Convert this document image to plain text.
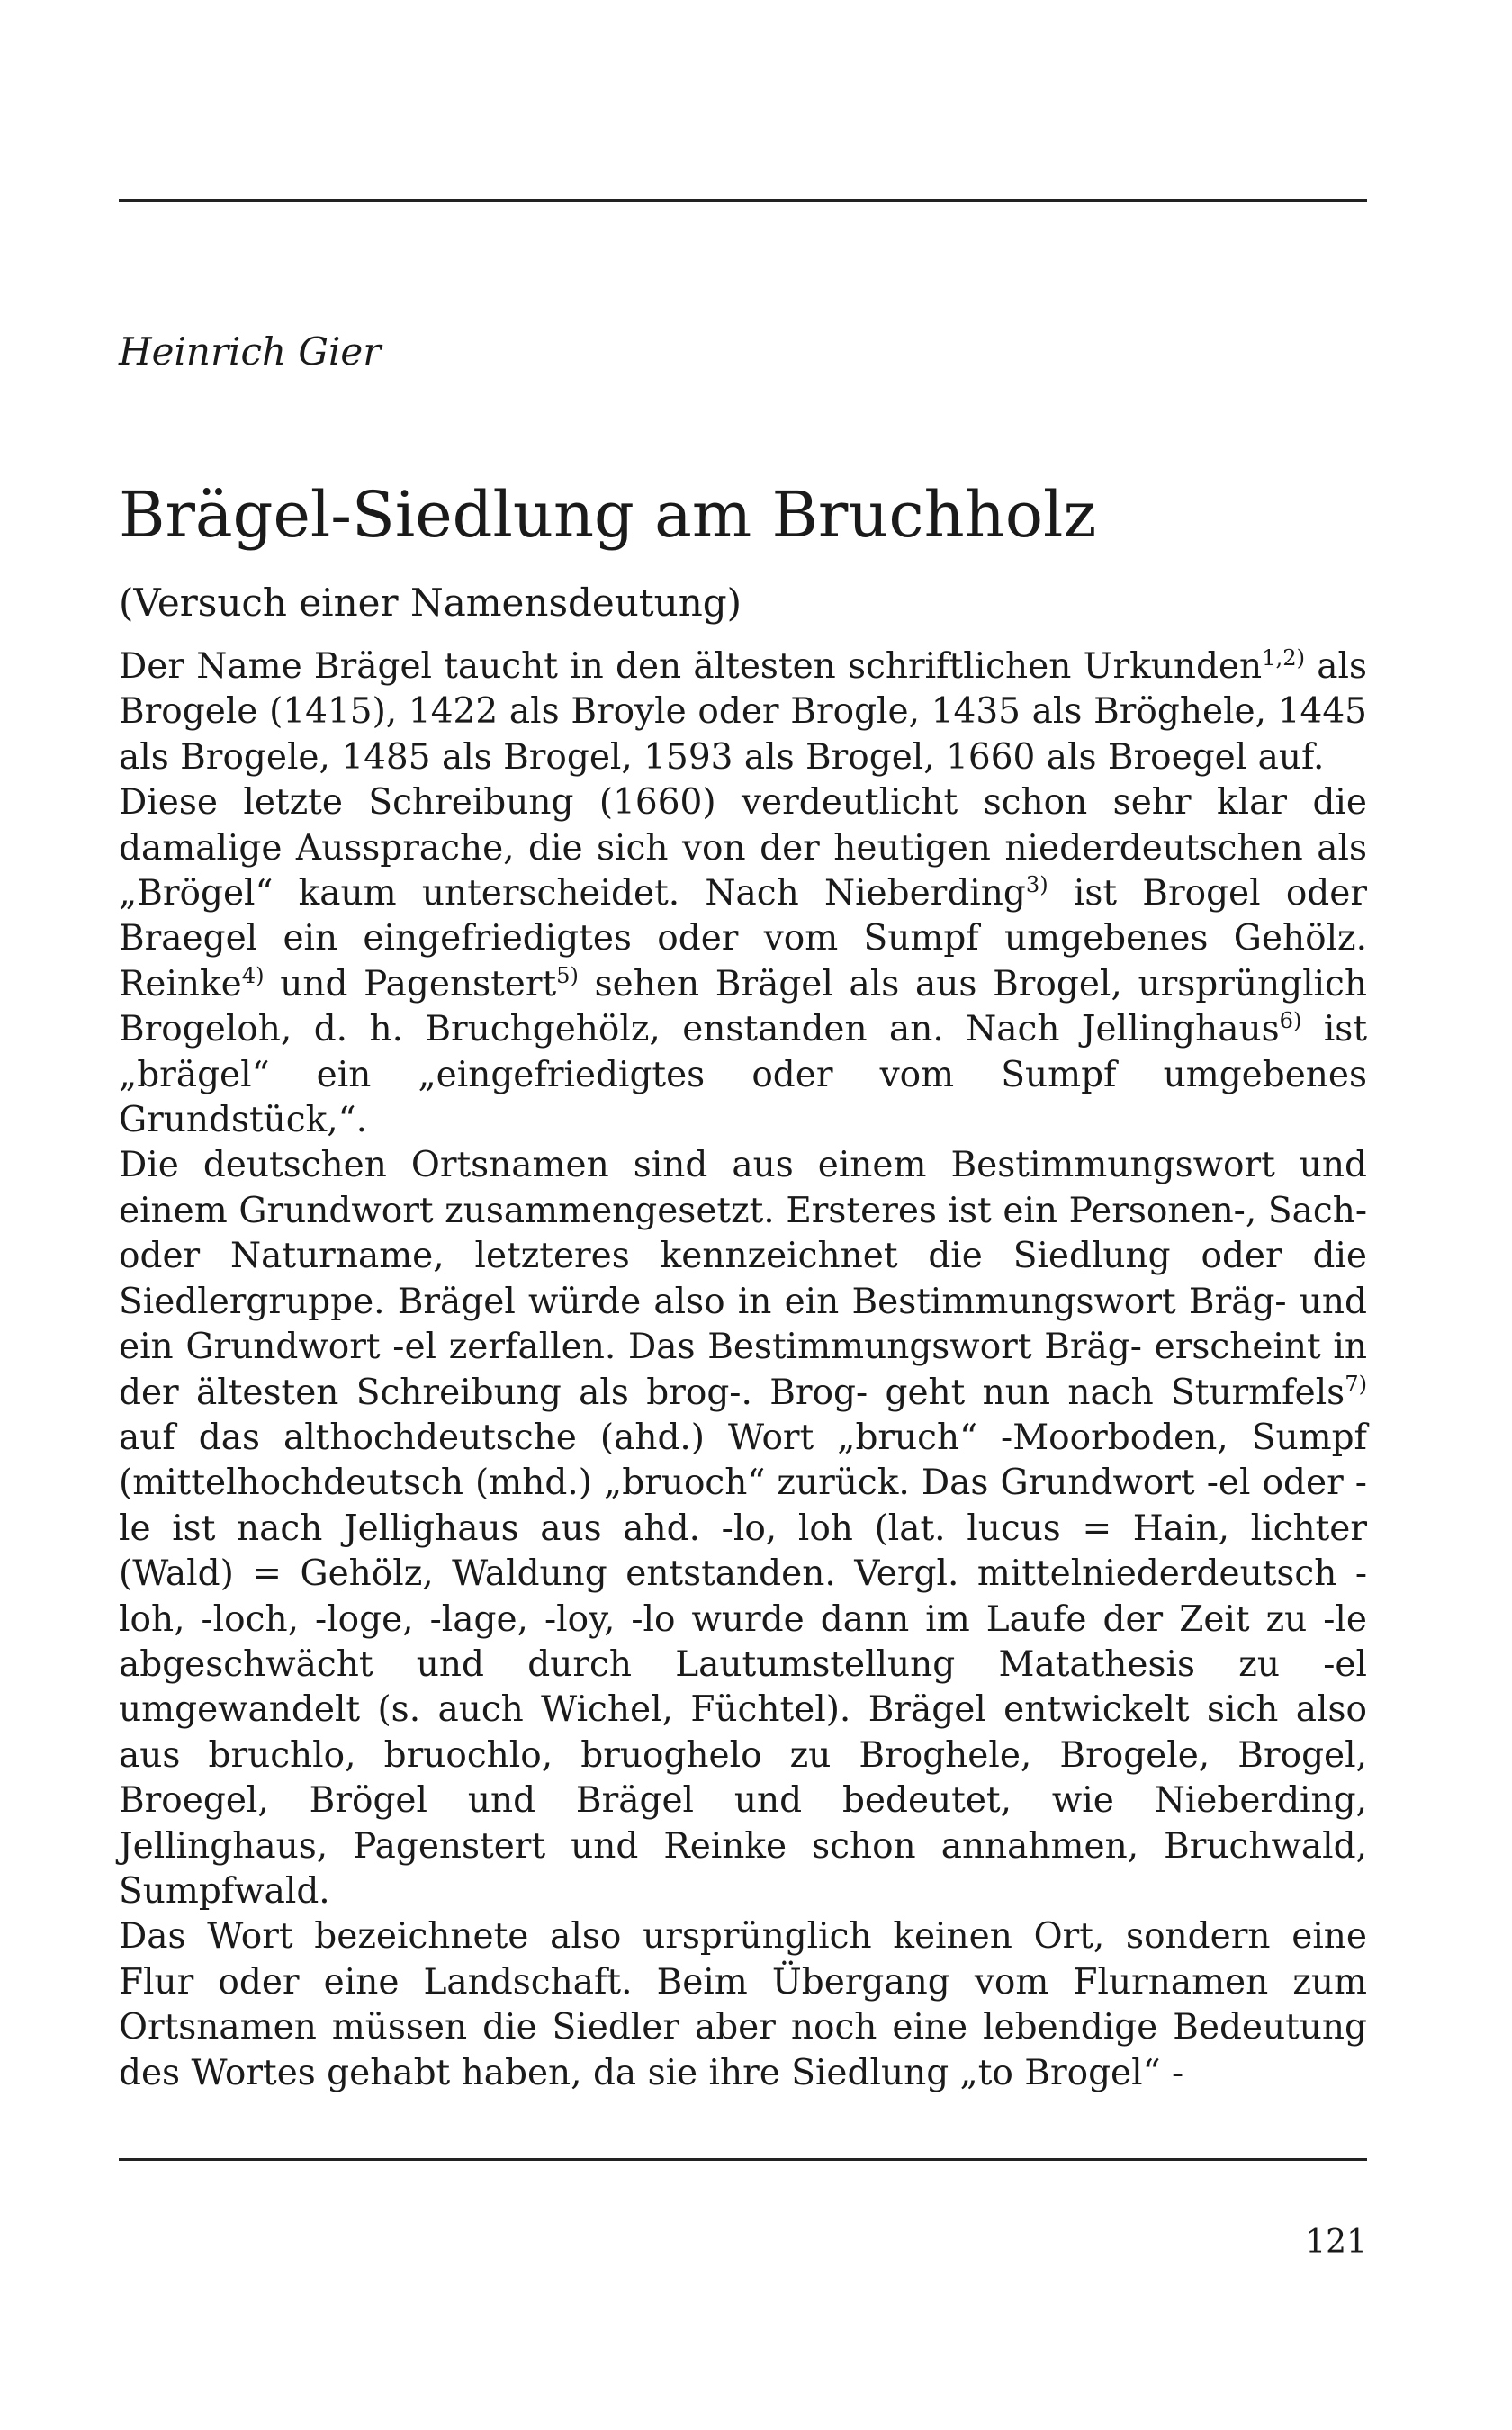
Heinrich Gier

Brägel-Siedlung am Bruchholz

(Versuch einer Namensdeutung)

Der Name Brägel taucht in den ältesten schriftlichen Urkunden$^{1,2)}$ als Brogele (1415), 1422 als Broyle oder Brogle, 1435 als Bröghele, 1445 als Brogele, 1485 als Brogel, 1593 als Brogel, 1660 als Broegel auf.

Diese letzte Schreibung (1660) verdeutlicht schon sehr klar die damalige Aussprache, die sich von der heutigen niederdeutschen als „Brögel“ kaum unterscheidet. Nach Nieberding$^{3)}$ ist Brogel oder Braegel ein eingefriedigtes oder vom Sumpf umgebenes Gehölz. Reinke$^{4)}$ und Pagenstert$^{5)}$ sehen Brägel als aus Brogel, ursprünglich Brogeloh, d. h. Bruchgehölz, enstanden an. Nach Jellinghaus$^{6)}$ ist „brägel“ ein „eingefriedigtes oder vom Sumpf umgebenes Grundstück,“.

Die deutschen Ortsnamen sind aus einem Bestimmungswort und einem Grundwort zusammengesetzt. Ersteres ist ein Personen-, Sach- oder Naturname, letzteres kennzeichnet die Siedlung oder die Siedlergruppe. Brägel würde also in ein Bestimmungswort Bräg- und ein Grundwort -el zerfallen. Das Bestimmungswort Bräg- erscheint in der ältesten Schreibung als brog-. Brog- geht nun nach Sturmfels$^{7)}$ auf das althochdeutsche (ahd.) Wort „bruch“ -Moorboden, Sumpf (mittelhochdeutsch (mhd.) „bruoch“ zurück. Das Grundwort -el oder -le ist nach Jellighaus aus ahd. -lo, loh (lat. lucus = Hain, lichter (Wald) = Gehölz, Waldung entstanden. Vergl. mittelniederdeutsch -loh, -loch, -loge, -lage, -loy, -lo wurde dann im Laufe der Zeit zu -le abgeschwächt und durch Lautumstellung Matathesis zu -el umgewandelt (s. auch Wichel, Füchtel). Brägel entwickelt sich also aus bruchlo, bruochlo, bruoghelo zu Broghele, Brogele, Brogel, Broegel, Brögel und Brägel und bedeutet, wie Nieberding, Jellinghaus, Pagenstert und Reinke schon annahmen, Bruchwald, Sumpfwald.

Das Wort bezeichnete also ursprünglich keinen Ort, sondern eine Flur oder eine Landschaft. Beim Übergang vom Flurnamen zum Ortsnamen müssen die Siedler aber noch eine lebendige Bedeutung des Wortes gehabt haben, da sie ihre Siedlung „to Brogel“ -

121
